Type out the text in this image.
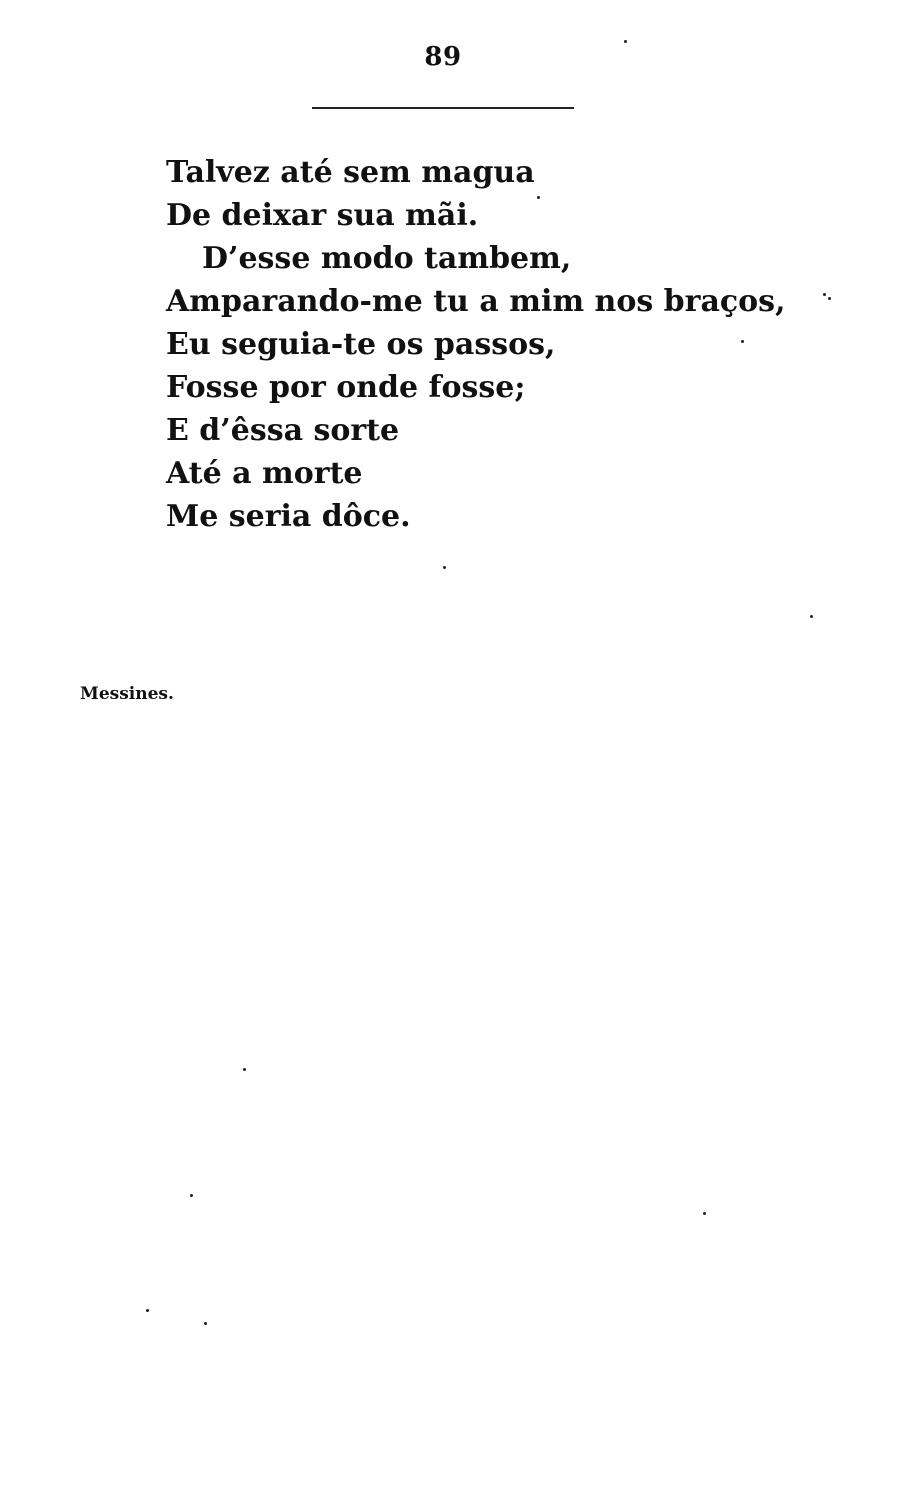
89
Talvez até sem magua
De deixar sua mãi.
D’esse modo tambem,
Amparando-me tu a mim nos braços,
Eu seguia-te os passos,
Fosse por onde fosse;
E d’êssa sorte
Até a morte
Me seria dôce.
Messines.
